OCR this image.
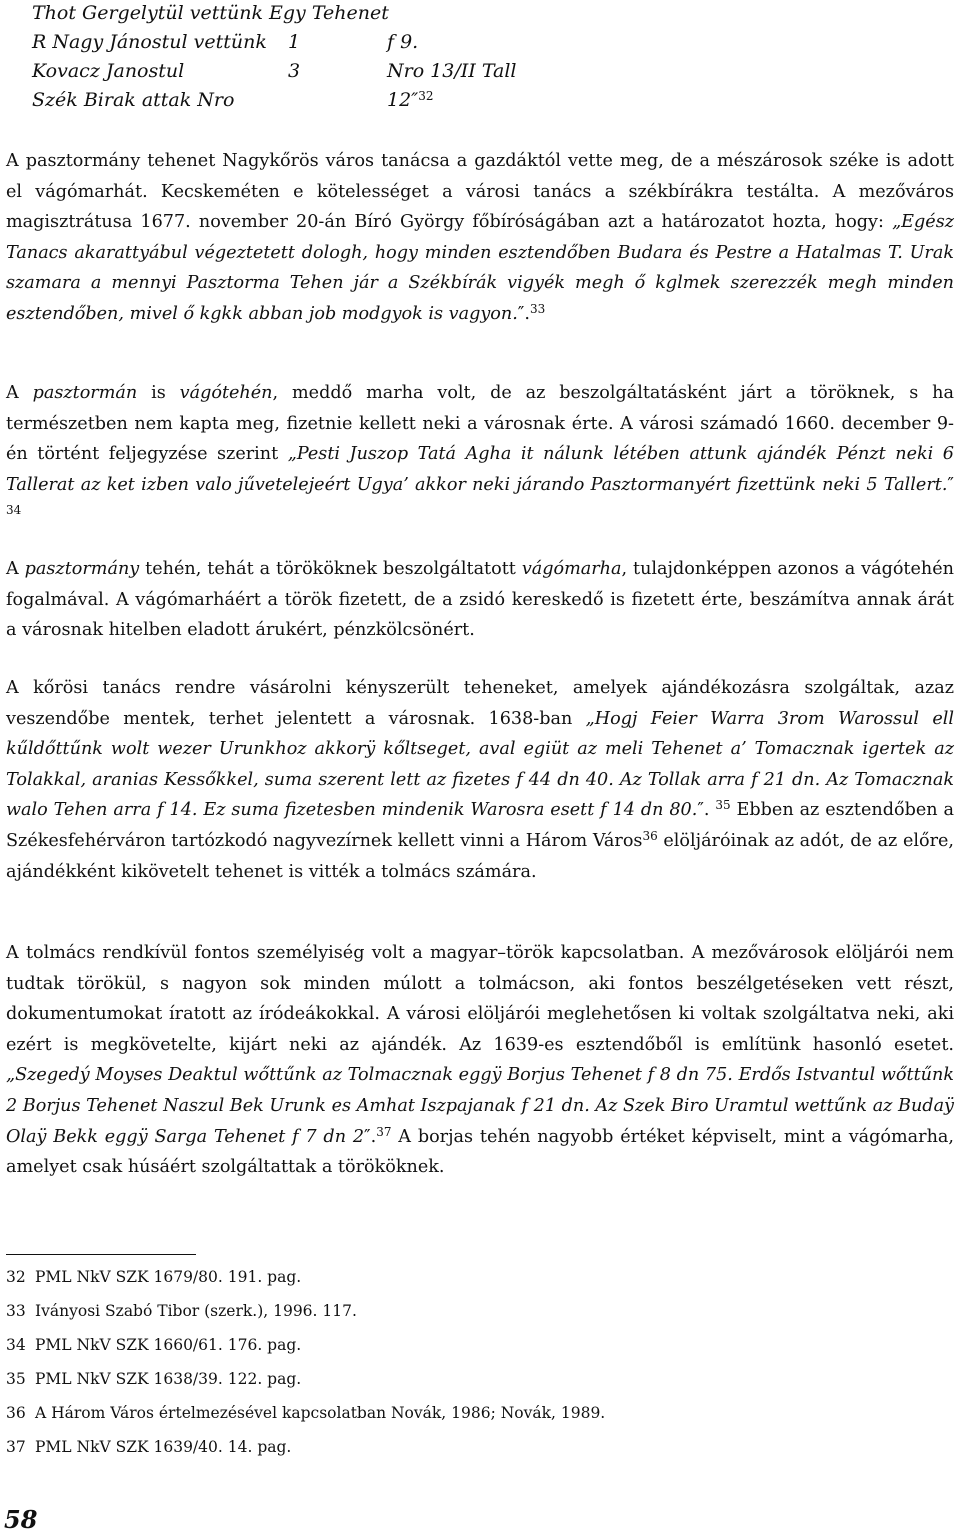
Thot Gergelytül vettünk Egy Tehenet
R Nagy Jánostul vettünk 1	f 9.
Kovacz Janostul	3	Nro 13/II Tall
Szék Birak attak Nro	12″$^{32}$

A pasztormány tehenet Nagykőrös város tanácsa a gazdáktól vette meg, de a mészárosok széke is adott el vágómarhát. Kecskeméten e kötelességet a városi tanács a székbírákra testálta. A mezőváros magisztrátusa 1677. november 20-án Bíró György főbíróságában azt a határozatot hozta, hogy: „Egész Tanacs akarattyábul végeztetett dologh, hogy minden esztendőben Budara és Pestre a Hatalmas T. Urak szamara a mennyi Pasztorma Tehen jár a Székbírák vigyék megh ő kglmek szerezzék megh minden esztendőben, mivel ő kgkk abban job modgyok is vagyon.″.$^{33}$

A pasztormán is vágótehén, meddő marha volt, de az beszolgáltatásként járt a töröknek, s ha természetben nem kapta meg, fizetnie kellett neki a városnak érte. A városi számadó 1660. december 9-én történt feljegyzése szerint „Pesti Juszop Tatá Agha it nálunk létében attunk ajándék Pénzt neki 6 Tallerat az ket izben valo jűvetelejeért Ugya’ akkor neki járando Pasztormanyért fizettünk neki 5 Tallert.″ $^{34}$

A pasztormány tehén, tehát a törököknek beszolgáltatott vágómarha, tulajdonképpen azonos a vágótehén fogalmával. A vágómarháért a török fizetett, de a zsidó kereskedő is fizetett érte, beszámítva annak árát a városnak hitelben eladott árukért, pénzkölcsönért.

A kőrösi tanács rendre vásárolni kényszerült teheneket, amelyek ajándékozásra szolgáltak, azaz veszendőbe mentek, terhet jelentett a városnak. 1638-ban „Hogj Feier Warra 3rom Warossul ell kűldőttűnk wolt wezer Urunkhoz akkorÿ kőltseget, aval egiüt az meli Tehenet a’ Tomacznak igertek az Tolakkal, aranias Kessőkkel, suma szerent lett az fizetes f 44 dn 40. Az Tollak arra f 21 dn. Az Tomacznak walo Tehen arra f 14. Ez suma fizetesben mindenik Warosra esett f 14 dn 80.″. $^{35}$ Ebben az esztendőben a Székesfehérváron tartózkodó nagyvezírnek kellett vinni a Három Város$^{36}$ elöljáróinak az adót, de az előre, ajándékként kikövetelt tehenet is vitték a tolmács számára.

A tolmács rendkívül fontos személyiség volt a magyar–török kapcsolatban. A mezővárosok elöljárói nem tudtak törökül, s nagyon sok minden múlott a tolmácson, aki fontos beszélgetéseken vett részt, dokumentumokat íratott az íródeákokkal. A városi elöljárói meglehetősen ki voltak szolgáltatva neki, aki ezért is megkövetelte, kijárt neki az ajándék. Az 1639-es esztendőből is említünk hasonló esetet. „Szegedý Moyses Deaktul wőttűnk az Tolmacznak eggÿ Borjus Tehenet f 8 dn 75. Erdős Istvantul wőttűnk 2 Borjus Tehenet Naszul Bek Urunk es Amhat Iszpajanak f 21 dn. Az Szek Biro Uramtul wettűnk az Budaÿ Olaÿ Bekk eggÿ Sarga Tehenet f 7 dn 2″.$^{37}$ A borjas tehén nagyobb értéket képviselt, mint a vágómarha, amelyet csak húsáért szolgáltattak a törököknek.

32 PML NkV SZK 1679/80. 191. pag.
33 Iványosi Szabó Tibor (szerk.), 1996. 117.
34 PML NkV SZK 1660/61. 176. pag.
35 PML NkV SZK 1638/39. 122. pag.
36 A Három Város értelmezésével kapcsolatban Novák, 1986; Novák, 1989.
37 PML NkV SZK 1639/40. 14. pag.
58
